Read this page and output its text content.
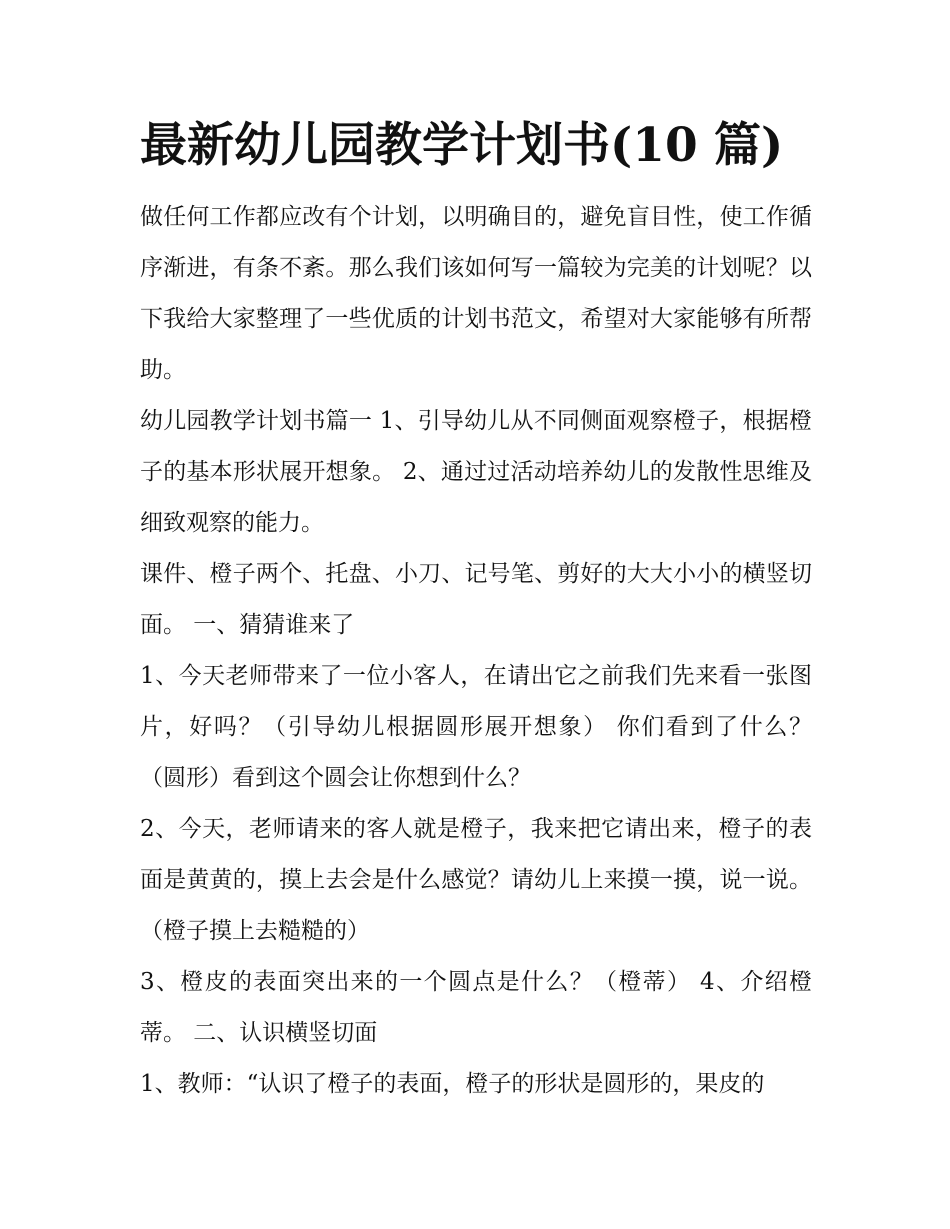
最新幼儿园教学计划书(10 篇)

做任何工作都应改有个计划，以明确目的，避免盲目性，使工作循序渐进，有条不紊。那么我们该如何写一篇较为完美的计划呢？以下我给大家整理了一些优质的计划书范文，希望对大家能够有所帮助。

幼儿园教学计划书篇一 1、引导幼儿从不同侧面观察橙子，根据橙子的基本形状展开想象。 2、通过过活动培养幼儿的发散性思维及细致观察的能力。

课件、橙子两个、托盘、小刀、记号笔、剪好的大大小小的横竖切面。 一、猜猜谁来了

1、今天老师带来了一位小客人，在请出它之前我们先来看一张图片，好吗？（引导幼儿根据圆形展开想象） 你们看到了什么？（圆形）看到这个圆会让你想到什么？

2、今天，老师请来的客人就是橙子，我来把它请出来，橙子的表面是黄黄的，摸上去会是什么感觉？请幼儿上来摸一摸，说一说。（橙子摸上去糙糙的）

3、橙皮的表面突出来的一个圆点是什么？（橙蒂） 4、介绍橙蒂。 二、认识横竖切面

1、教师：“认识了橙子的表面，橙子的形状是圆形的，果皮的
